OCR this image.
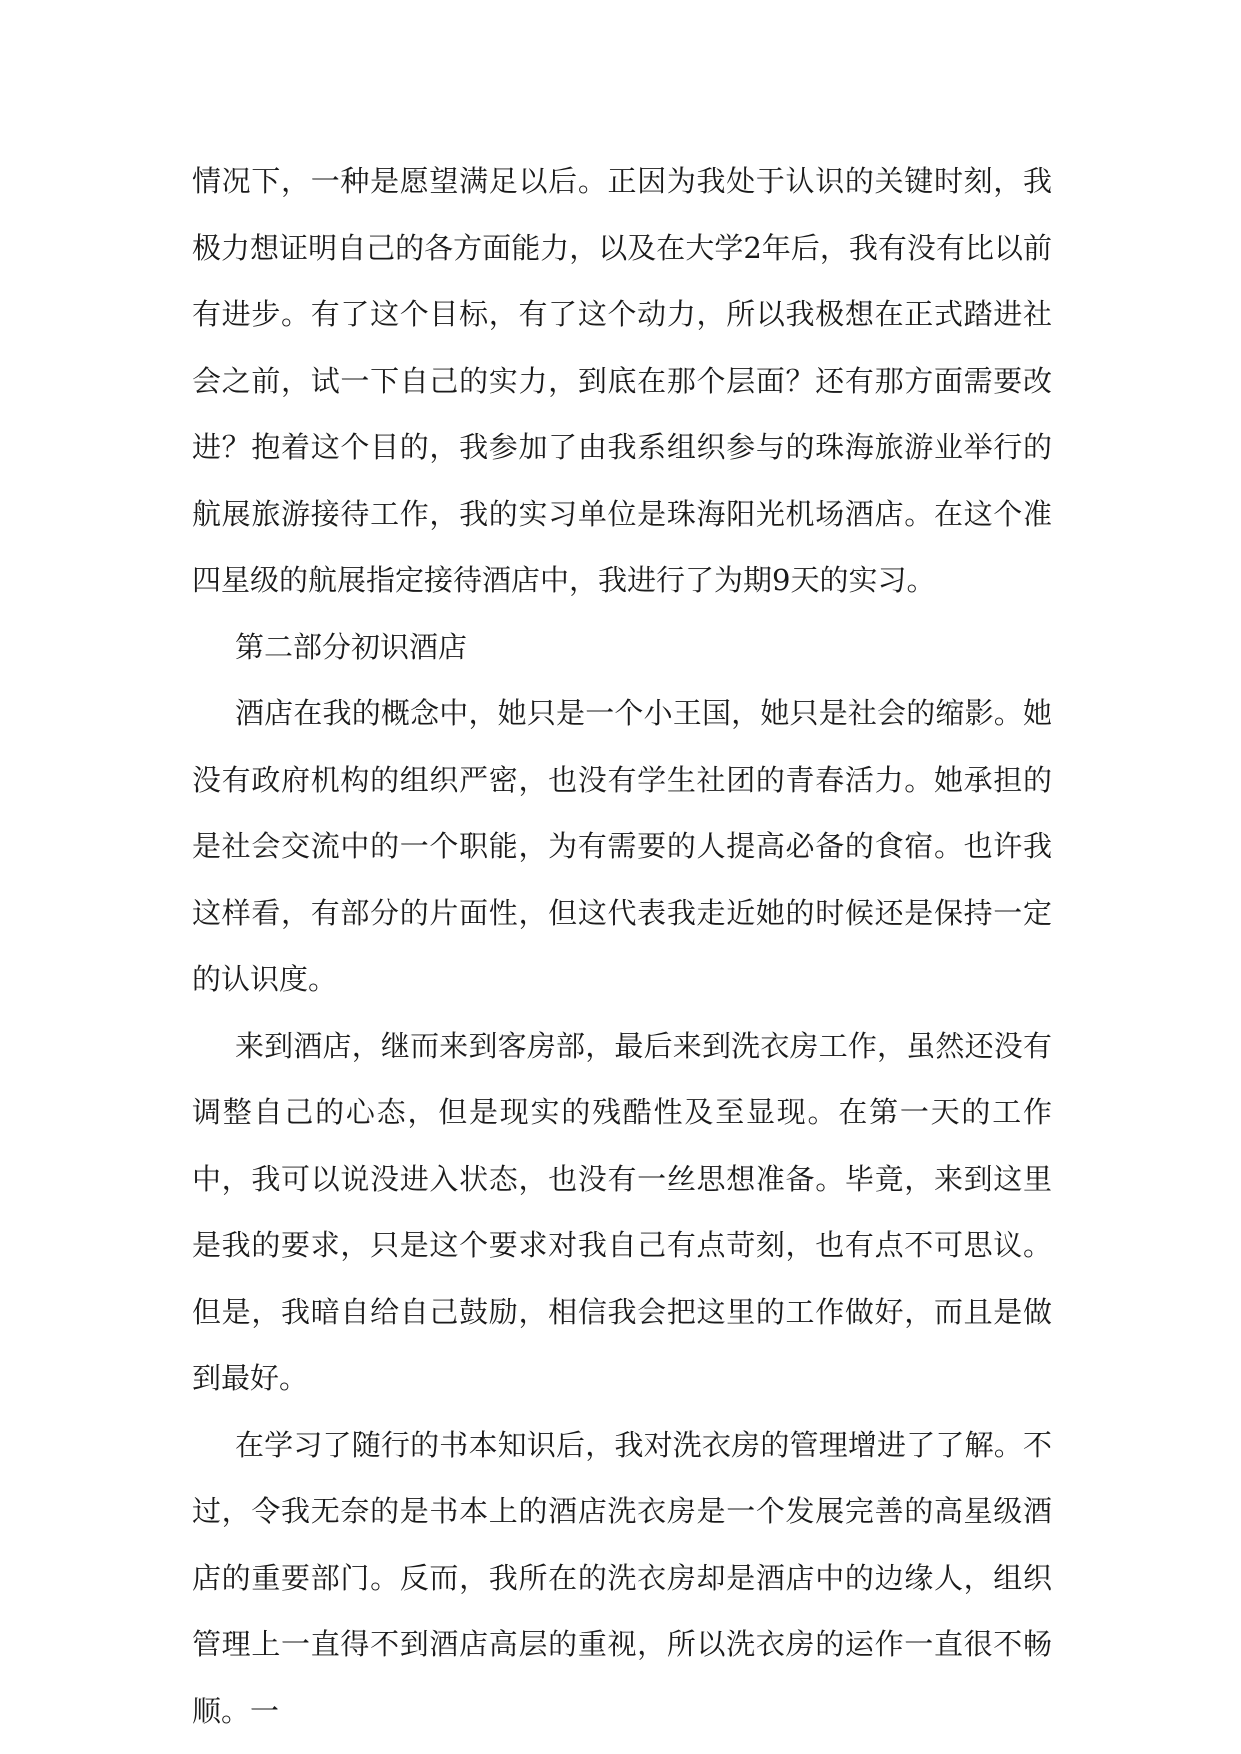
情况下，一种是愿望满足以后。正因为我处于认识的关键时刻，我极力想证明自己的各方面能力，以及在大学2年后，我有没有比以前有进步。有了这个目标，有了这个动力，所以我极想在正式踏进社会之前，试一下自己的实力，到底在那个层面？还有那方面需要改进？抱着这个目的，我参加了由我系组织参与的珠海旅游业举行的航展旅游接待工作，我的实习单位是珠海阳光机场酒店。在这个准四星级的航展指定接待酒店中，我进行了为期9天的实习。

第二部分初识酒店

酒店在我的概念中，她只是一个小王国，她只是社会的缩影。她没有政府机构的组织严密，也没有学生社团的青春活力。她承担的是社会交流中的一个职能，为有需要的人提高必备的食宿。也许我这样看，有部分的片面性，但这代表我走近她的时候还是保持一定的认识度。

来到酒店，继而来到客房部，最后来到洗衣房工作，虽然还没有调整自己的心态，但是现实的残酷性及至显现。在第一天的工作中，我可以说没进入状态，也没有一丝思想准备。毕竟，来到这里是我的要求，只是这个要求对我自己有点苛刻，也有点不可思议。但是，我暗自给自己鼓励，相信我会把这里的工作做好，而且是做到最好。

在学习了随行的书本知识后，我对洗衣房的管理增进了了解。不过，令我无奈的是书本上的酒店洗衣房是一个发展完善的高星级酒店的重要部门。反而，我所在的洗衣房却是酒店中的边缘人，组织管理上一直得不到酒店高层的重视，所以洗衣房的运作一直很不畅顺。一
